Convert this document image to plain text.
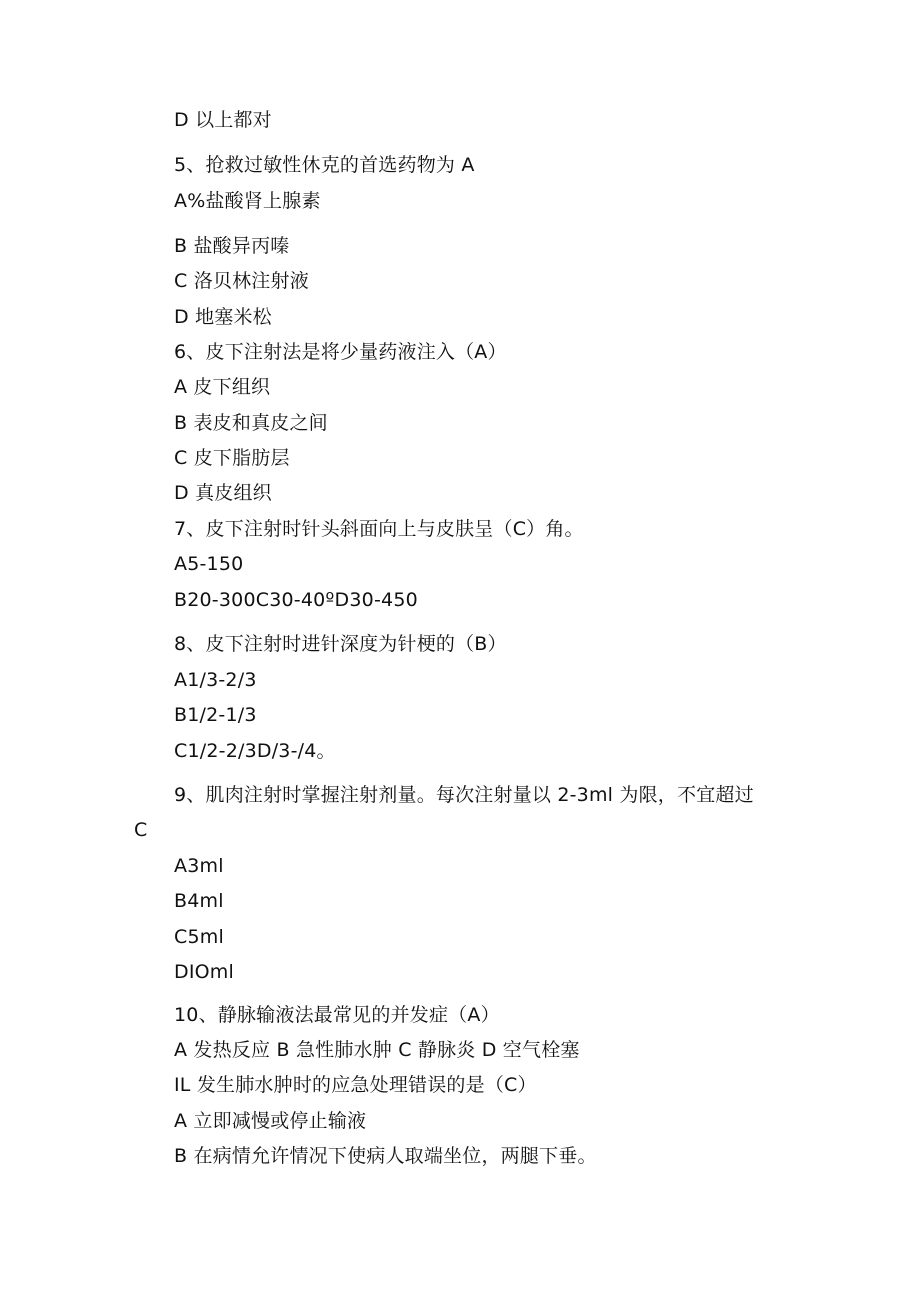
D 以上都对
5、抢救过敏性休克的首选药物为 A
A%盐酸肾上腺素
B 盐酸异丙嗪
C 洛贝林注射液
D 地塞米松
6、皮下注射法是将少量药液注入（A）
A 皮下组织
B 表皮和真皮之间
C 皮下脂肪层
D 真皮组织
7、皮下注射时针头斜面向上与皮肤呈（C）角。
A5-150
B20-300C30-40ºD30-450
8、皮下注射时进针深度为针梗的（B）
A1/3-2/3
B1/2-1/3
C1/2-2/3D∕3-∕4。
9、肌肉注射时掌握注射剂量。每次注射量以 2-3ml 为限，不宜超过
C
A3ml
B4ml
C5ml
DIOml
10、静脉输液法最常见的并发症（A）
A 发热反应 B 急性肺水肿 C 静脉炎 D 空气栓塞
IL 发生肺水肿时的应急处理错误的是（C）
A 立即减慢或停止输液
B 在病情允许情况下使病人取端坐位，两腿下垂。
